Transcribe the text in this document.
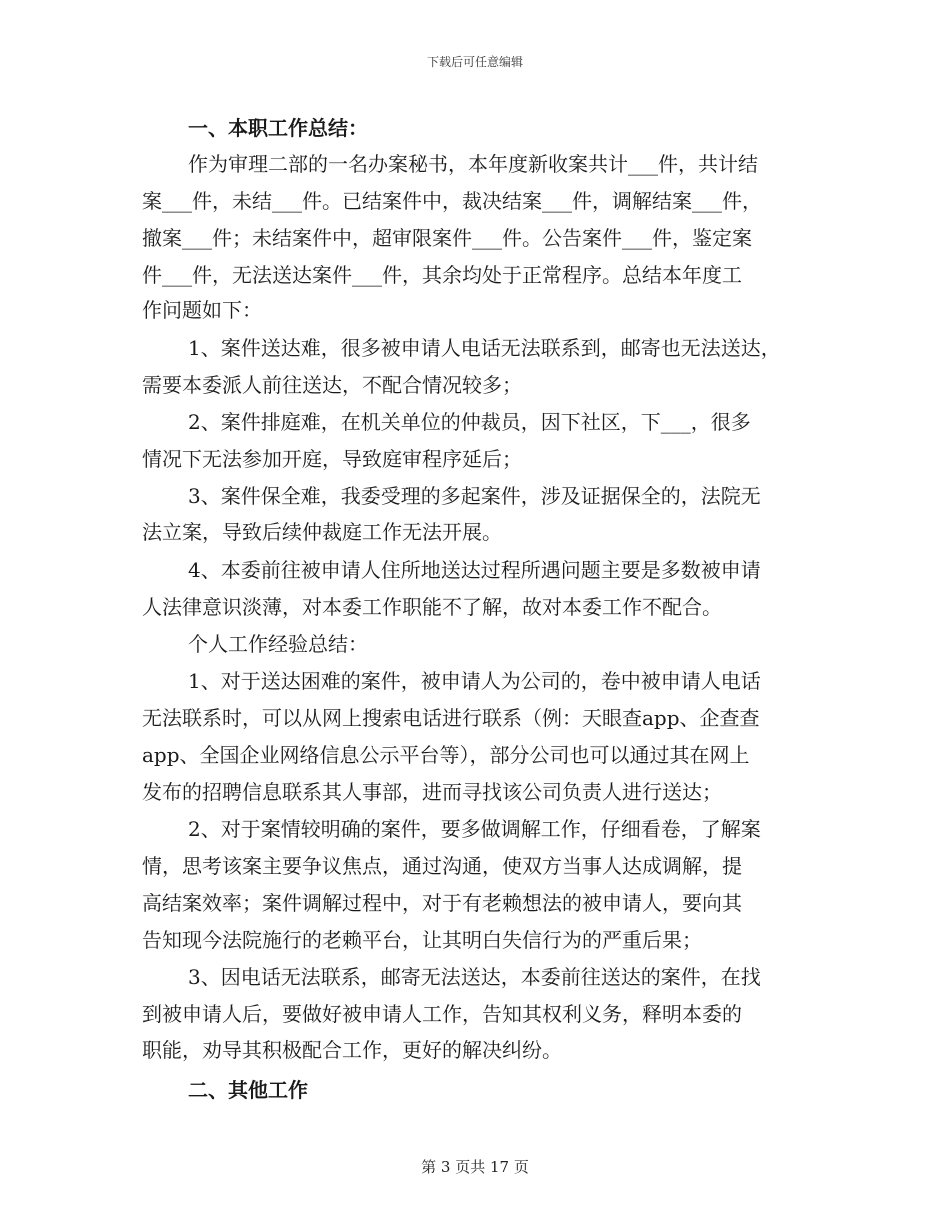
下载后可任意编辑
一、本职工作总结：
作为审理二部的一名办案秘书，本年度新收案共计___件，共计结
案___件，未结___件。已结案件中，裁决结案___件，调解结案___件，
撤案___件；未结案件中，超审限案件___件。公告案件___件，鉴定案
件___件，无法送达案件___件，其余均处于正常程序。总结本年度工
作问题如下：
1、案件送达难，很多被申请人电话无法联系到，邮寄也无法送达，
需要本委派人前往送达，不配合情况较多；
2、案件排庭难，在机关单位的仲裁员，因下社区，下___，很多
情况下无法参加开庭，导致庭审程序延后；
3、案件保全难，我委受理的多起案件，涉及证据保全的，法院无
法立案，导致后续仲裁庭工作无法开展。
4、本委前往被申请人住所地送达过程所遇问题主要是多数被申请
人法律意识淡薄，对本委工作职能不了解，故对本委工作不配合。
个人工作经验总结：
1、对于送达困难的案件，被申请人为公司的，卷中被申请人电话
无法联系时，可以从网上搜索电话进行联系（例：天眼查app、企查查
app、全国企业网络信息公示平台等），部分公司也可以通过其在网上
发布的招聘信息联系其人事部，进而寻找该公司负责人进行送达；
2、对于案情较明确的案件，要多做调解工作，仔细看卷，了解案
情，思考该案主要争议焦点，通过沟通，使双方当事人达成调解，提
高结案效率；案件调解过程中，对于有老赖想法的被申请人，要向其
告知现今法院施行的老赖平台，让其明白失信行为的严重后果；
3、因电话无法联系，邮寄无法送达，本委前往送达的案件，在找
到被申请人后，要做好被申请人工作，告知其权利义务，释明本委的
职能，劝导其积极配合工作，更好的解决纠纷。
二、其他工作
第 3 页共 17 页
